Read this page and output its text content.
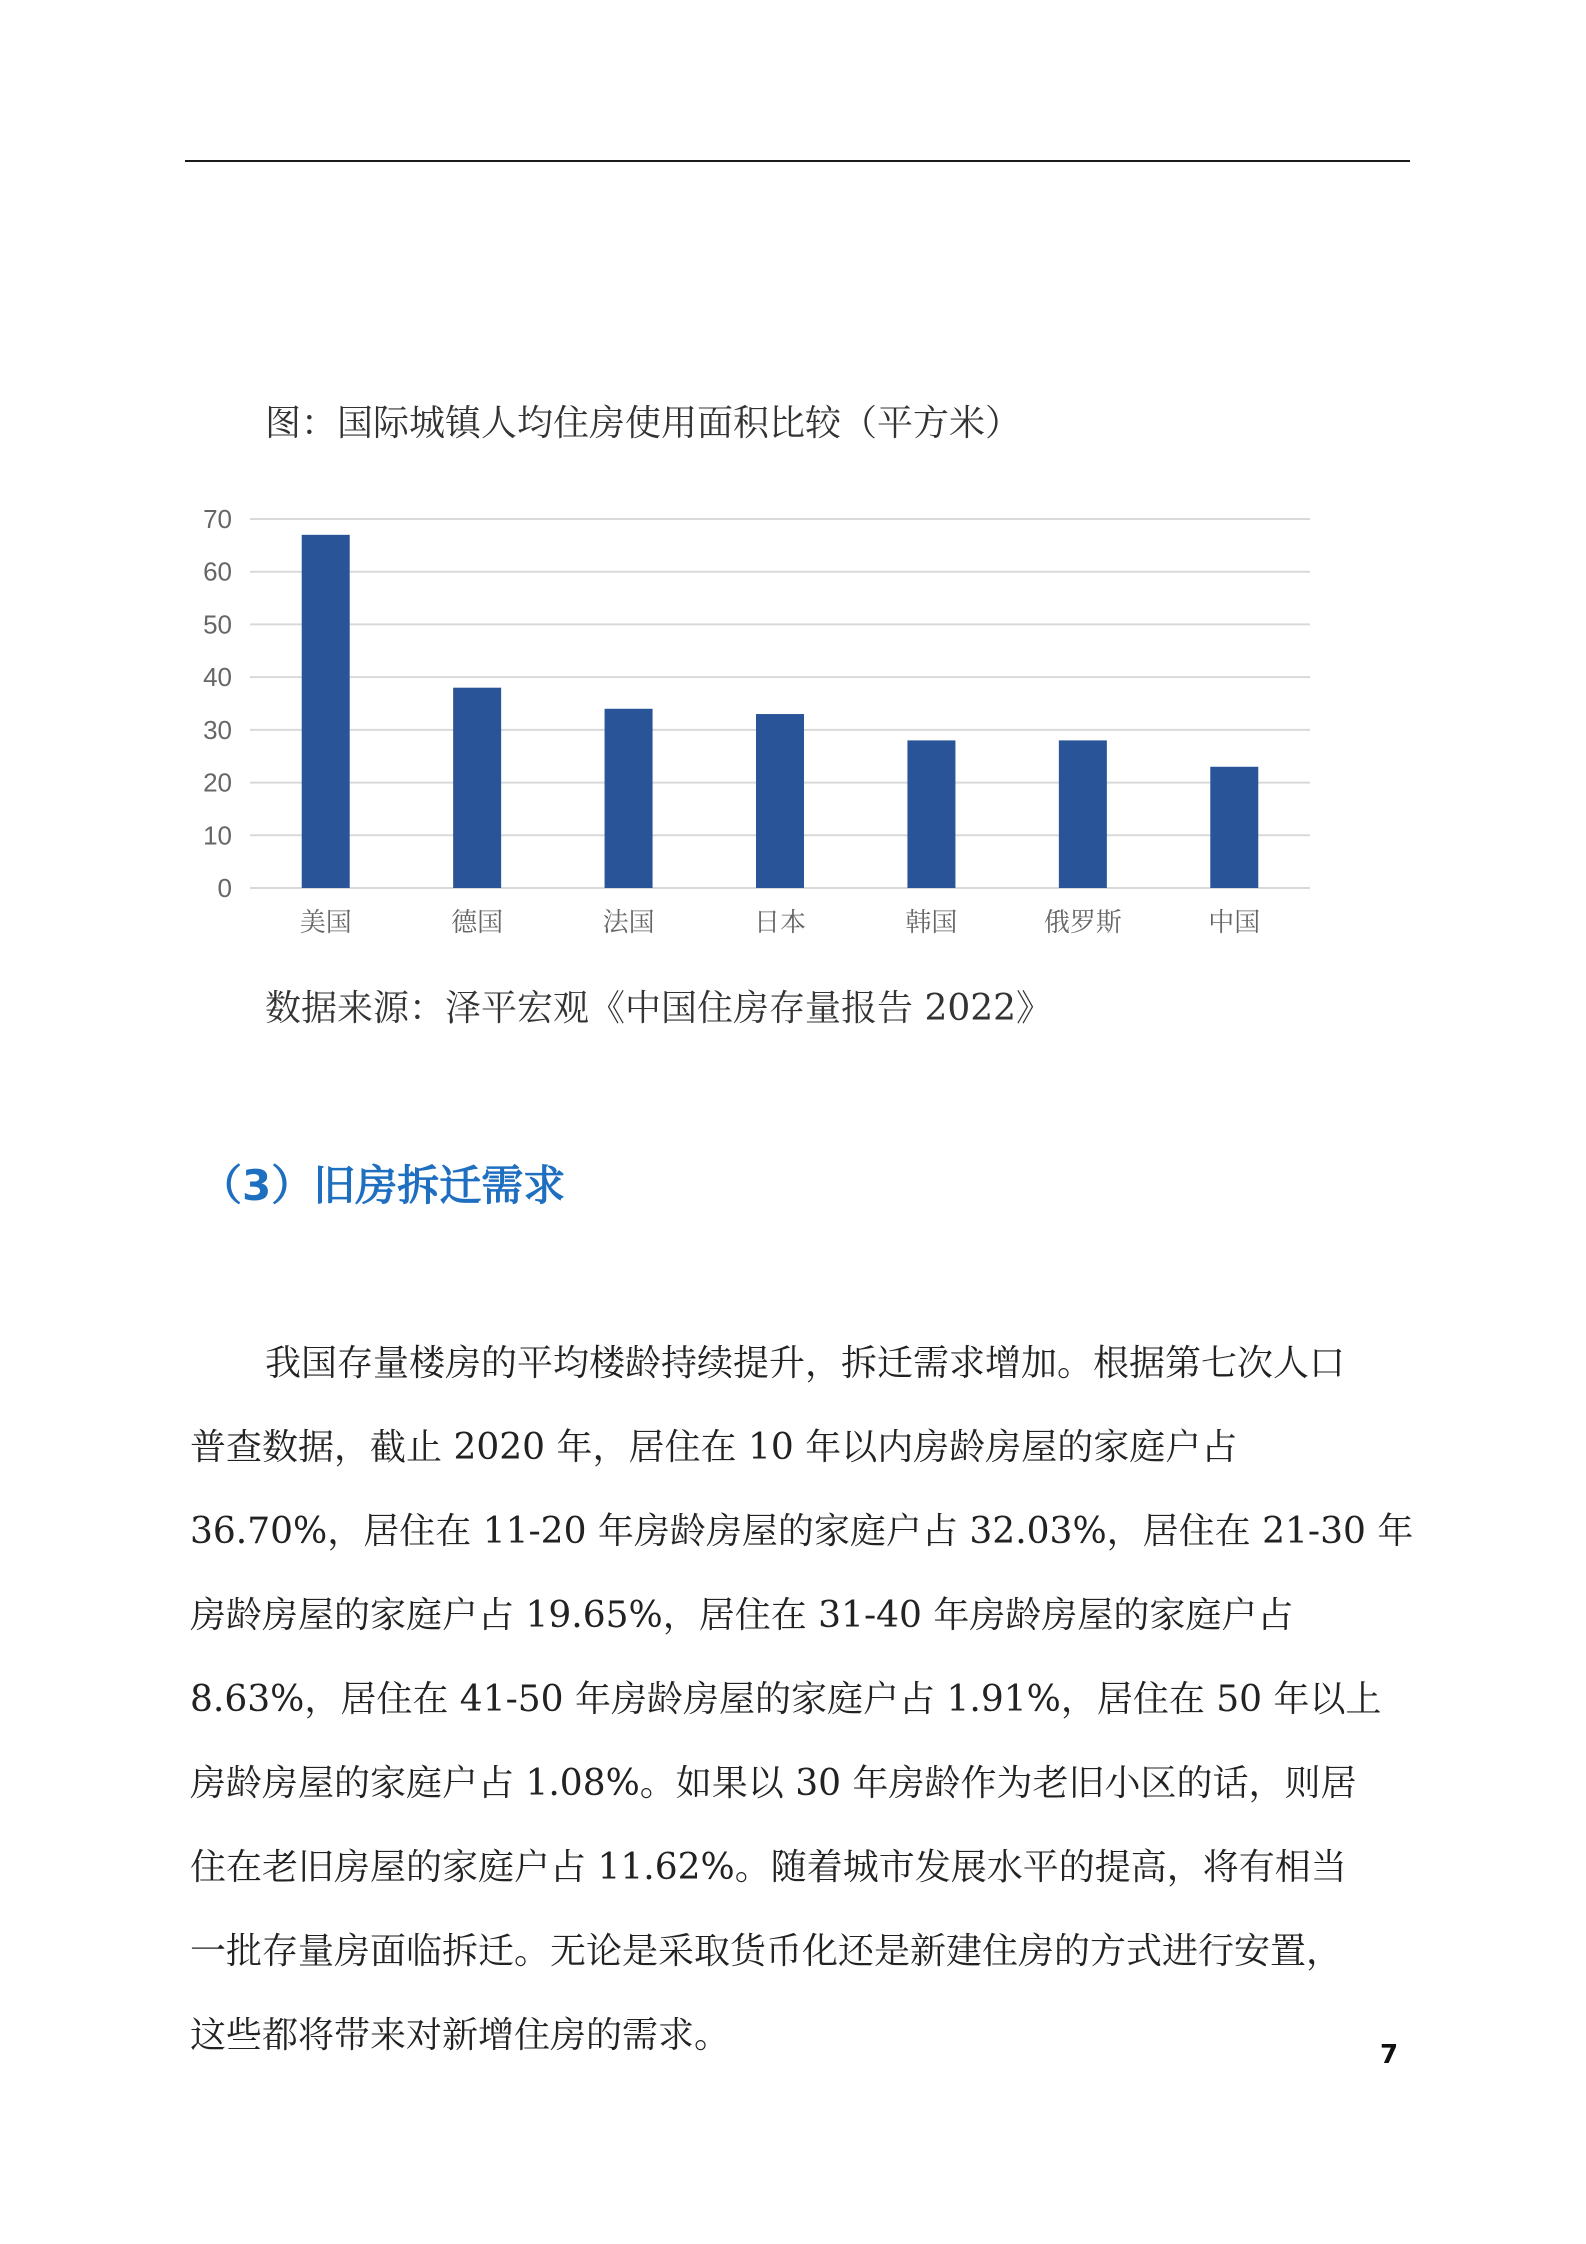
图：国际城镇人均住房使用面积比较（平方米）
0
10
20
30
40
50
60
70
美国	德国	法国	日本	韩国	俄罗斯	中国
数据来源：泽平宏观《中国住房存量报告 2022》
（3）旧房拆迁需求
我国存量楼房的平均楼龄持续提升，拆迁需求增加。根据第七次人口
普查数据，截止 2020 年，居住在 10 年以内房龄房屋的家庭户占
36.70%，居住在 11-20 年房龄房屋的家庭户占 32.03%，居住在 21-30 年
房龄房屋的家庭户占 19.65%，居住在 31-40 年房龄房屋的家庭户占
8.63%，居住在 41-50 年房龄房屋的家庭户占 1.91%，居住在 50 年以上
房龄房屋的家庭户占 1.08%。如果以 30 年房龄作为老旧小区的话，则居
住在老旧房屋的家庭户占 11.62%。随着城市发展水平的提高，将有相当
一批存量房面临拆迁。无论是采取货币化还是新建住房的方式进行安置，
这些都将带来对新增住房的需求。	7
